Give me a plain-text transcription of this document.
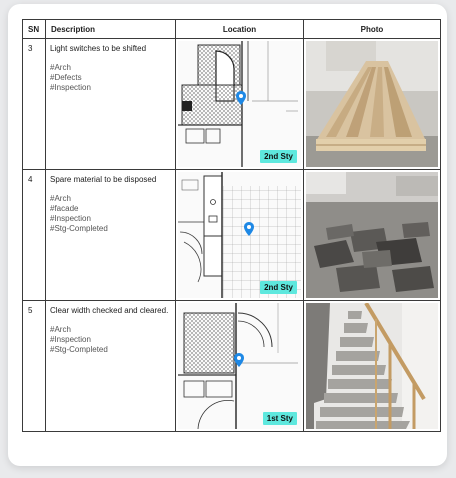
SN	Description	Location	Photo
3	Light switches to be shifted
#Arch
#Defects
#Inspection	2nd Sty

4	Spare material to be disposed
#Arch
#facade
#Inspection
#Stg-Completed	2nd Sty

5	Clear width checked and cleared.
#Arch
#Inspection
#Stg-Completed	1st Sty
